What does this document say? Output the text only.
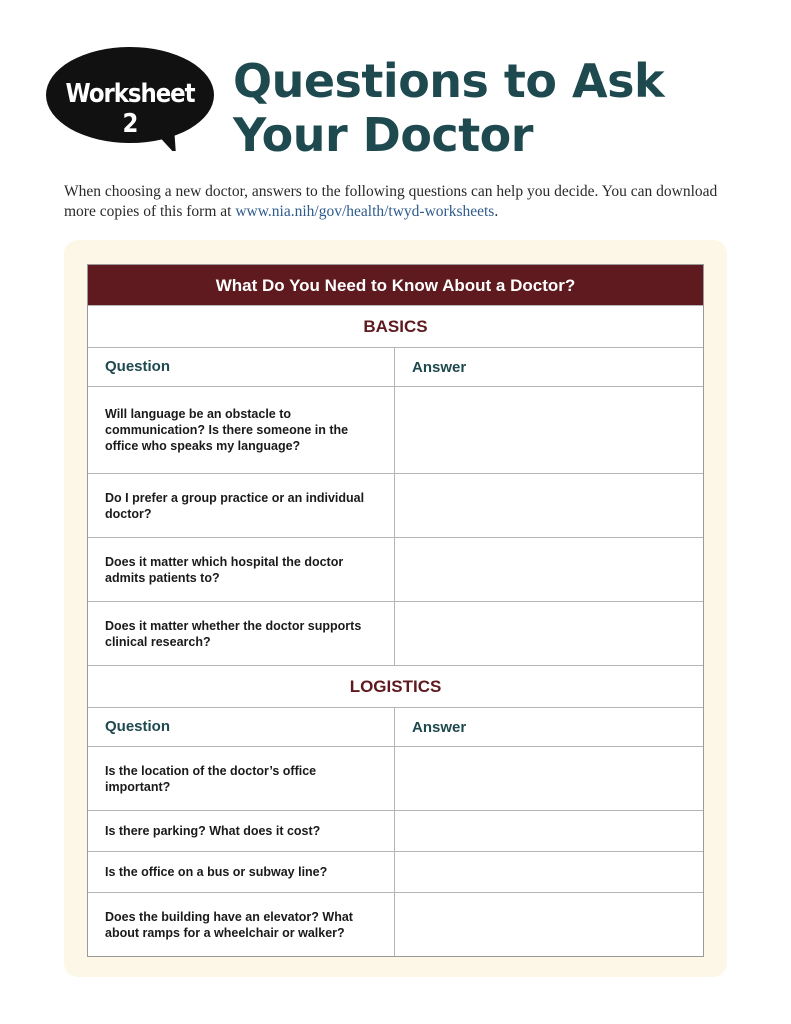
Worksheet 2
Questions to Ask
Your Doctor

When choosing a new doctor, answers to the following questions can help you decide. You can download more copies of this form at www.nia.nih/gov/health/twyd-worksheets.

What Do You Need to Know About a Doctor?
BASICS
Question	Answer
Will language be an obstacle to communication? Is there someone in the office who speaks my language?
Do I prefer a group practice or an individual doctor?
Does it matter which hospital the doctor admits patients to?
Does it matter whether the doctor supports clinical research?
LOGISTICS
Question	Answer
Is the location of the doctor’s office important?
Is there parking? What does it cost?
Is the office on a bus or subway line?
Does the building have an elevator? What about ramps for a wheelchair or walker?
